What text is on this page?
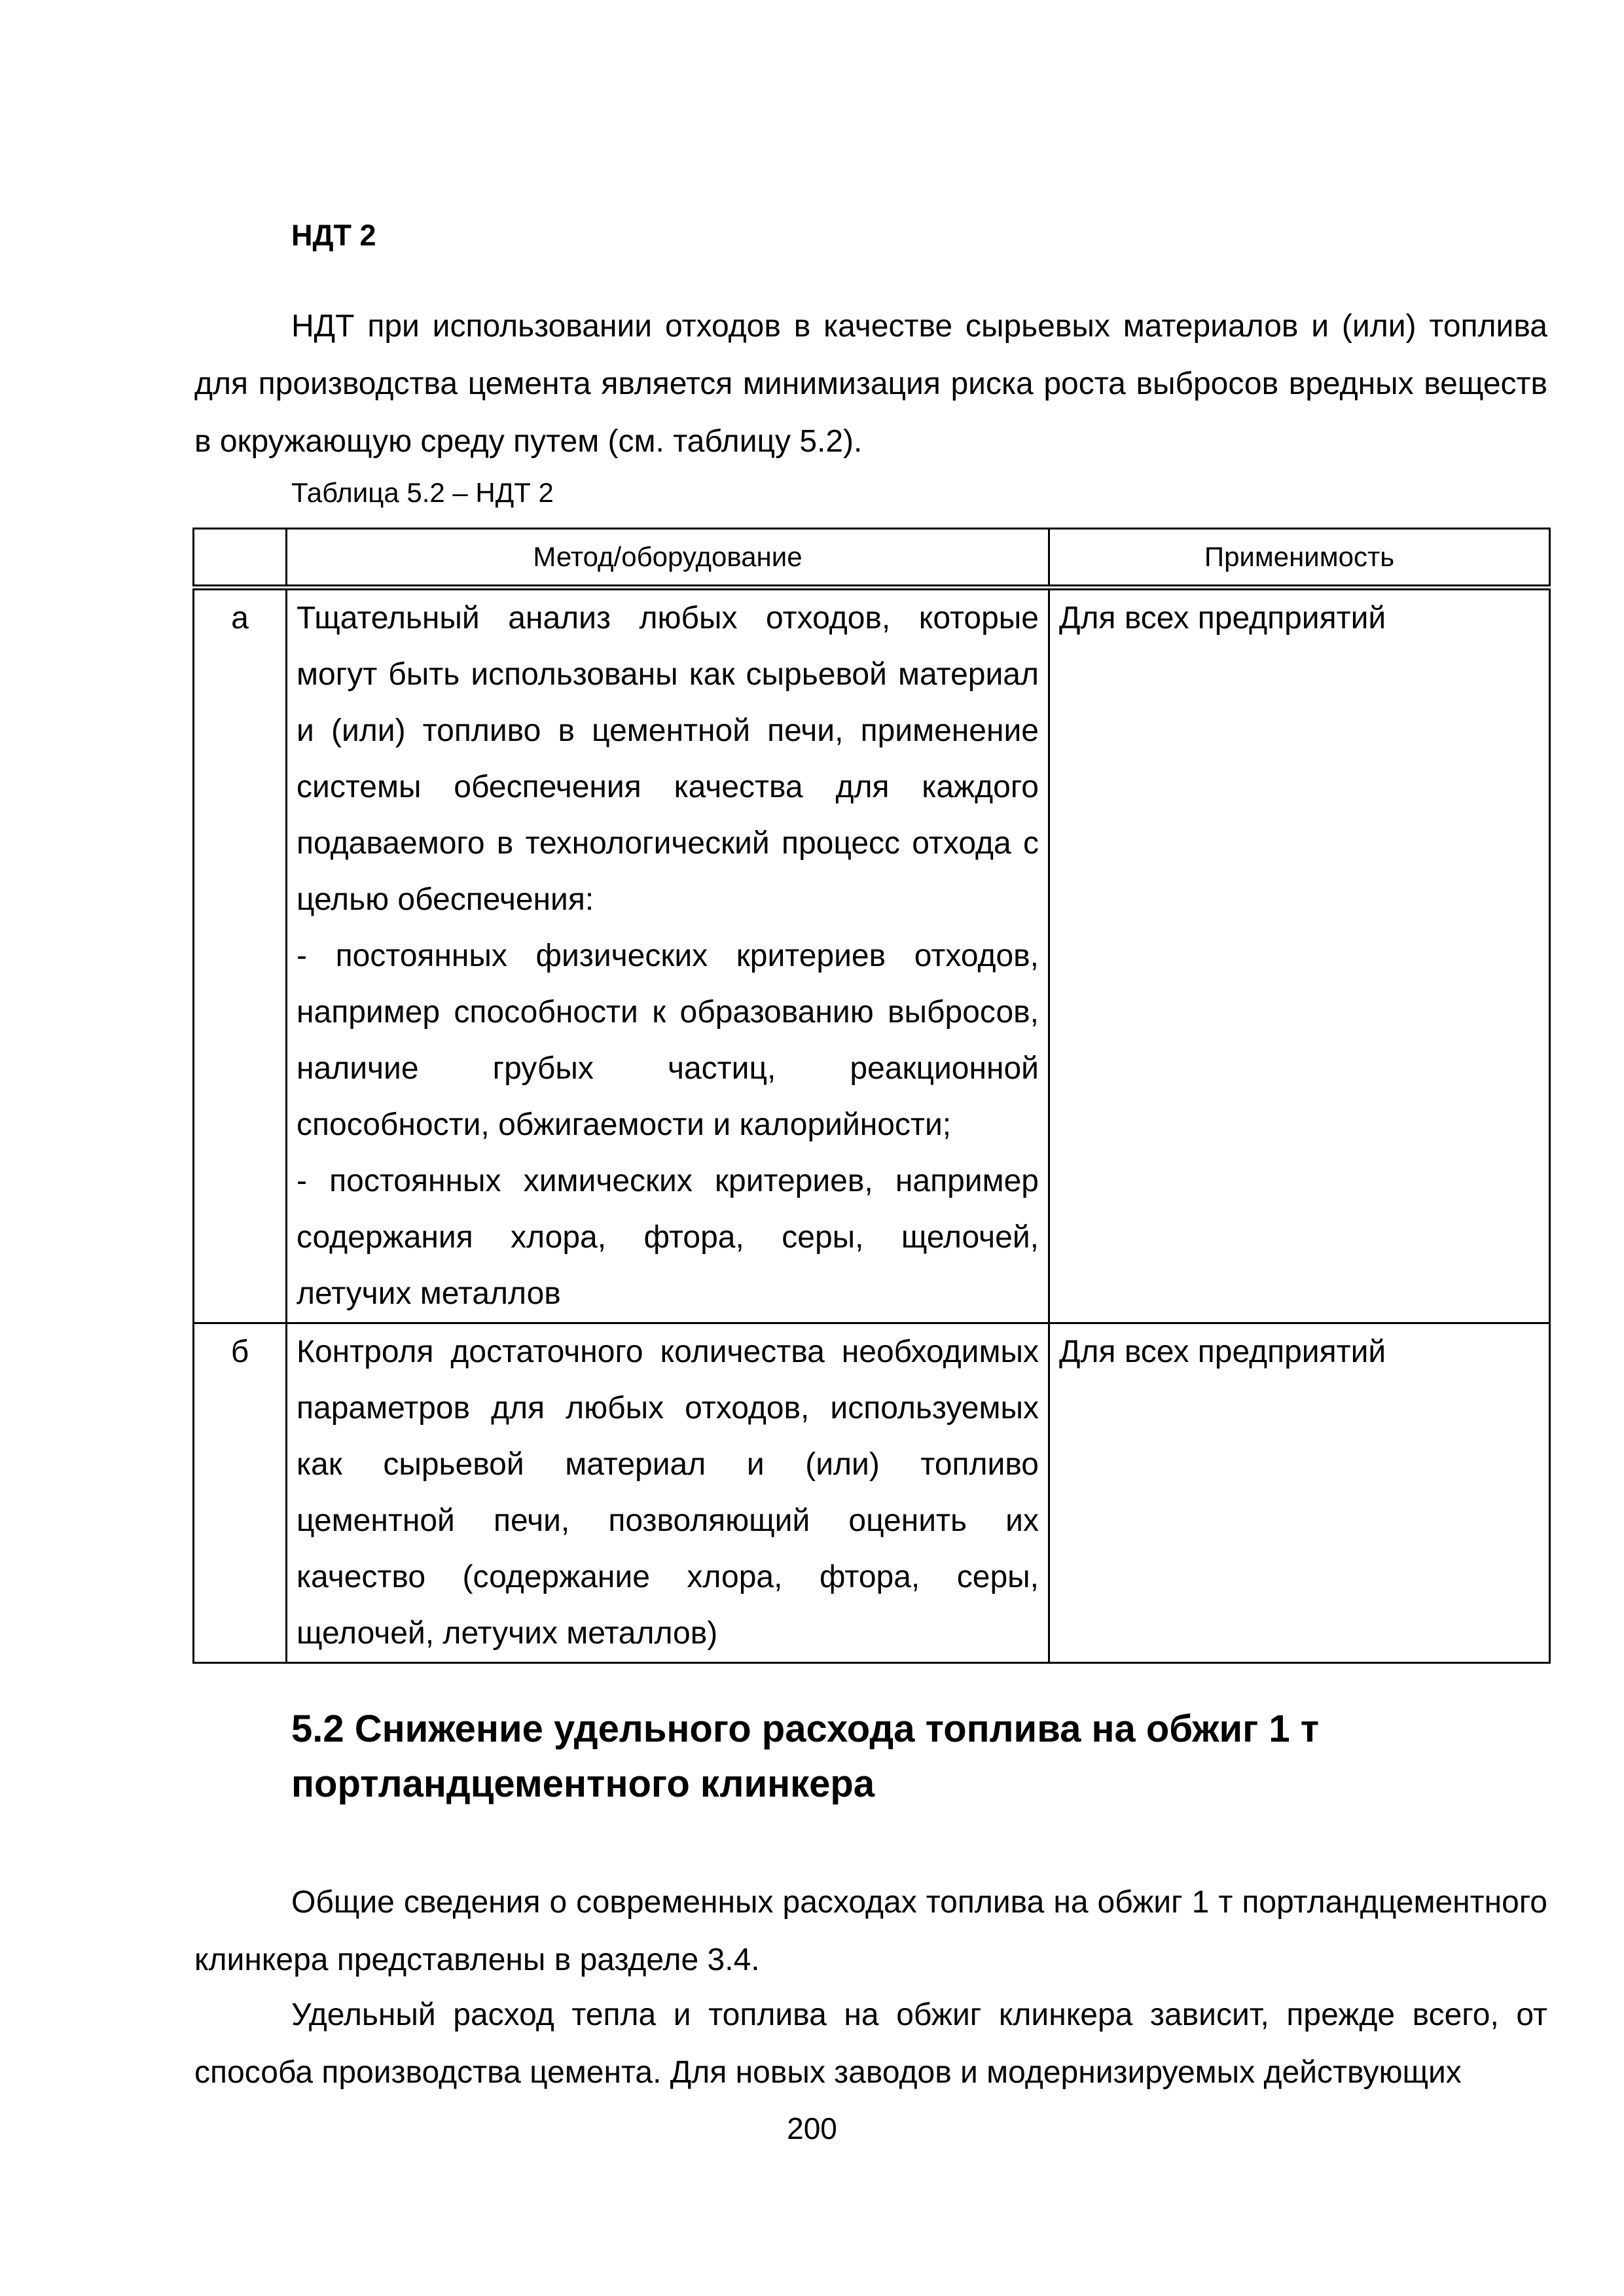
НДТ 2
НДТ при использовании отходов в качестве сырьевых материалов и (или) топлива для производства цемента является минимизация риска роста выбросов вредных веществ в окружающую среду путем (см. таблицу 5.2).
Таблица 5.2 – НДТ 2
	Метод/оборудование	Применимость
а	Тщательный анализ любых отходов, которые могут быть использованы как сырьевой материал и (или) топливо в цементной печи, применение системы обеспечения качества для каждого подаваемого в технологический процесс отхода с целью обеспечения:

- постоянных физических критериев отходов, например способности к образованию выбросов, наличие грубых частиц, реакционной способности, обжигаемости и калорийности;

- постоянных химических критериев, например содержания хлора, фтора, серы, щелочей, летучих металлов	Для всех предприятий
б	Контроля достаточного количества необходимых параметров для любых отходов, используемых как сырьевой материал и (или) топливо цементной печи, позволяющий оценить их качество (содержание хлора, фтора, серы, щелочей, летучих металлов)	Для всех предприятий
5.2 Снижение удельного расхода топлива на обжиг 1 т портландцементного клинкера
Общие сведения о современных расходах топлива на обжиг 1 т портландцементного клинкера представлены в разделе 3.4.
Удельный расход тепла и топлива на обжиг клинкера зависит, прежде всего, от способа производства цемента. Для новых заводов и модернизируемых действующих
200
